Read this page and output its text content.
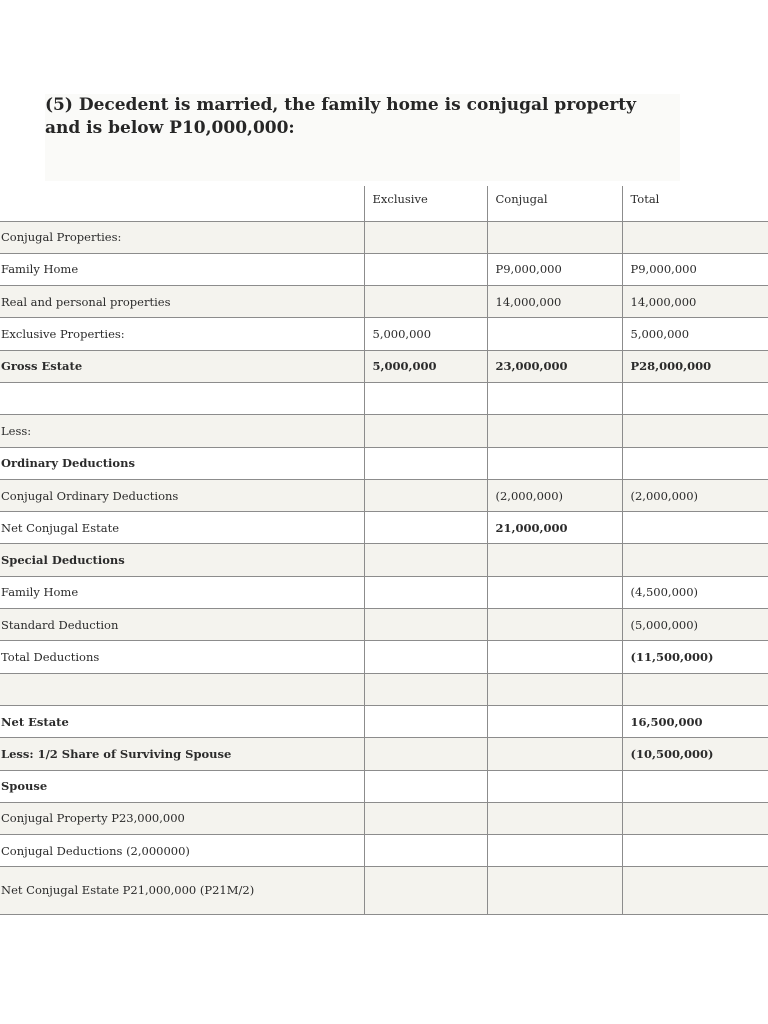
(5) Decedent is married, the family home is conjugal property and is below P10,000,000:
	Exclusive	Conjugal	Total
Conjugal Properties:			
Family Home		P9,000,000	P9,000,000
Real and personal properties		14,000,000	14,000,000
Exclusive Properties:	5,000,000		5,000,000
Gross Estate	5,000,000	23,000,000	P28,000,000

Less:			
Ordinary Deductions			
Conjugal Ordinary Deductions		(2,000,000)	(2,000,000)
Net Conjugal Estate		21,000,000	
Special Deductions			
Family Home			(4,500,000)
Standard Deduction			(5,000,000)
Total Deductions			(11,500,000)

Net Estate			16,500,000
Less: 1/2 Share of Surviving Spouse			(10,500,000)
Spouse			
Conjugal Property P23,000,000			
Conjugal Deductions (2,000000)			
Net Conjugal Estate P21,000,000 (P21M/2)			
